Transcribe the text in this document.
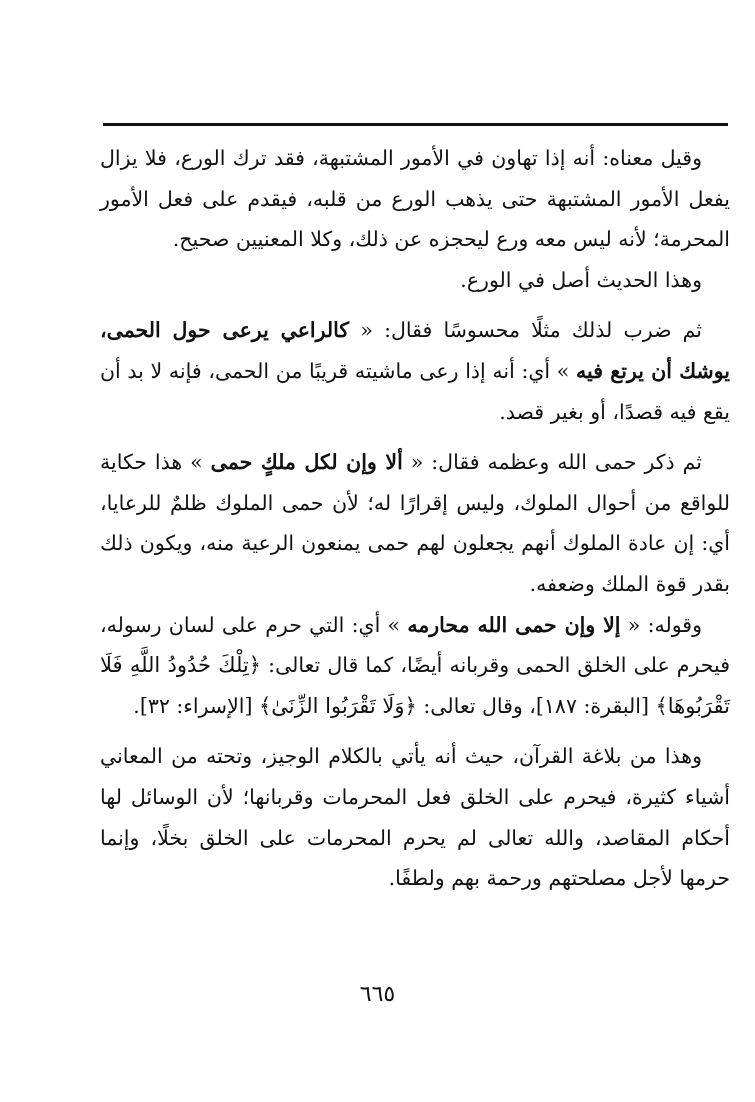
وقيل معناه: أنه إذا تهاون في الأمور المشتبهة، فقد ترك الورع، فلا يزال يفعل الأمور المشتبهة حتى يذهب الورع من قلبه، فيقدم على فعل الأمور المحرمة؛ لأنه ليس معه ورع ليحجزه عن ذلك، وكلا المعنيين صحيح.

وهذا الحديث أصل في الورع.

ثم ضرب لذلك مثلًا محسوسًا فقال: « كالراعي يرعى حول الحمى، يوشك أن يرتع فيه » أي: أنه إذا رعى ماشيته قريبًا من الحمى، فإنه لا بد أن يقع فيه قصدًا، أو بغير قصد.

ثم ذكر حمى الله وعظمه فقال: « ألا وإن لكل ملكٍ حمى » هذا حكاية للواقع من أحوال الملوك، وليس إقرارًا له؛ لأن حمى الملوك ظلمٌ للرعايا، أي: إن عادة الملوك أنهم يجعلون لهم حمى يمنعون الرعية منه، ويكون ذلك بقدر قوة الملك وضعفه.

وقوله: « إلا وإن حمى الله محارمه » أي: التي حرم على لسان رسوله، فيحرم على الخلق الحمى وقربانه أيضًا، كما قال تعالى: ﴿تِلْكَ حُدُودُ اللَّهِ فَلَا تَقْرَبُوهَا﴾ [البقرة: ١٨٧]، وقال تعالى: ﴿وَلَا تَقْرَبُوا الزِّنَىٰ﴾ [الإسراء: ٣٢].

وهذا من بلاغة القرآن، حيث أنه يأتي بالكلام الوجيز، وتحته من المعاني أشياء كثيرة، فيحرم على الخلق فعل المحرمات وقربانها؛ لأن الوسائل لها أحكام المقاصد، والله تعالى لم يحرم المحرمات على الخلق بخلًا، وإنما حرمها لأجل مصلحتهم ورحمة بهم ولطفًا.

٦٦٥
